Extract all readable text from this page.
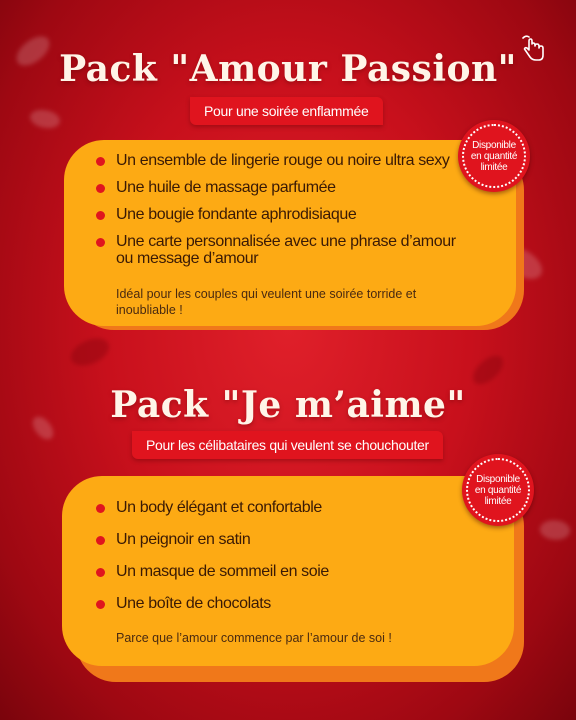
Pack "Amour Passion"
Pour une soirée enflammée
Un ensemble de lingerie rouge ou noire ultra sexy
Une huile de massage parfumée
Une bougie fondante aphrodisiaque
Une carte personnalisée avec une phrase d’amour ou message d’amour
Idéal pour les couples qui veulent une soirée torride et inoubliable !
Disponible en quantité limitée
Pack "Je m’aime"
Pour les célibataires qui veulent se chouchouter
Un body élégant et confortable
Un peignoir en satin
Un masque de sommeil en soie
Une boîte de chocolats
Parce que l’amour commence par l’amour de soi !
Disponible en quantité limitée
